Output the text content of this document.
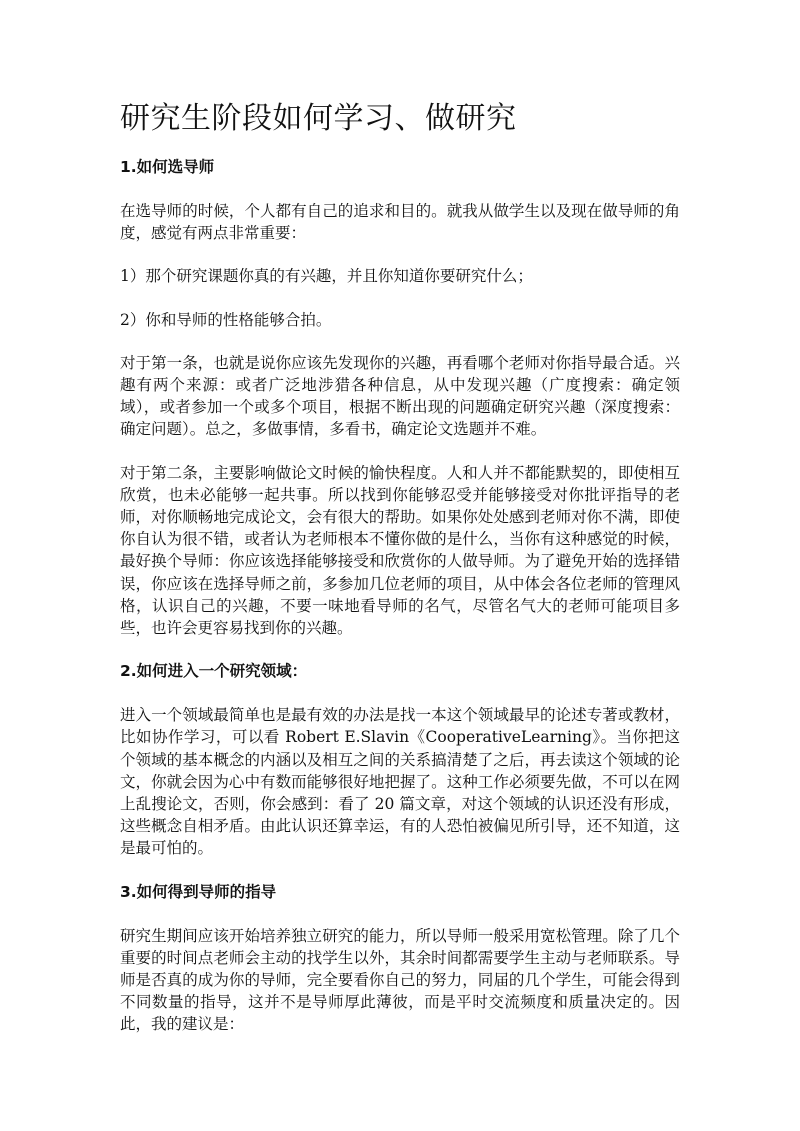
研究生阶段如何学习、做研究
1.如何选导师

在选导师的时候，个人都有自己的追求和目的。就我从做学生以及现在做导师的角度，感觉有两点非常重要：

1）那个研究课题你真的有兴趣，并且你知道你要研究什么；

2）你和导师的性格能够合拍。

对于第一条，也就是说你应该先发现你的兴趣，再看哪个老师对你指导最合适。兴趣有两个来源：或者广泛地涉猎各种信息，从中发现兴趣（广度搜索：确定领域），或者参加一个或多个项目，根据不断出现的问题确定研究兴趣（深度搜索：确定问题）。总之，多做事情，多看书，确定论文选题并不难。

对于第二条，主要影响做论文时候的愉快程度。人和人并不都能默契的，即使相互欣赏，也未必能够一起共事。所以找到你能够忍受并能够接受对你批评指导的老师，对你顺畅地完成论文，会有很大的帮助。如果你处处感到老师对你不满，即使你自认为很不错，或者认为老师根本不懂你做的是什么，当你有这种感觉的时候，最好换个导师：你应该选择能够接受和欣赏你的人做导师。为了避免开始的选择错误，你应该在选择导师之前，多参加几位老师的项目，从中体会各位老师的管理风格，认识自己的兴趣，不要一味地看导师的名气，尽管名气大的老师可能项目多些，也许会更容易找到你的兴趣。

2.如何进入一个研究领域：

进入一个领域最简单也是最有效的办法是找一本这个领域最早的论述专著或教材，比如协作学习，可以看 Robert E.Slavin《CooperativeLearning》。当你把这个领域的基本概念的内涵以及相互之间的关系搞清楚了之后，再去读这个领域的论文，你就会因为心中有数而能够很好地把握了。这种工作必须要先做，不可以在网上乱搜论文，否则，你会感到：看了 20 篇文章，对这个领域的认识还没有形成，这些概念自相矛盾。由此认识还算幸运，有的人恐怕被偏见所引导，还不知道，这是最可怕的。

3.如何得到导师的指导

研究生期间应该开始培养独立研究的能力，所以导师一般采用宽松管理。除了几个重要的时间点老师会主动的找学生以外，其余时间都需要学生主动与老师联系。导师是否真的成为你的导师，完全要看你自己的努力，同届的几个学生，可能会得到不同数量的指导，这并不是导师厚此薄彼，而是平时交流频度和质量决定的。因此，我的建议是：
